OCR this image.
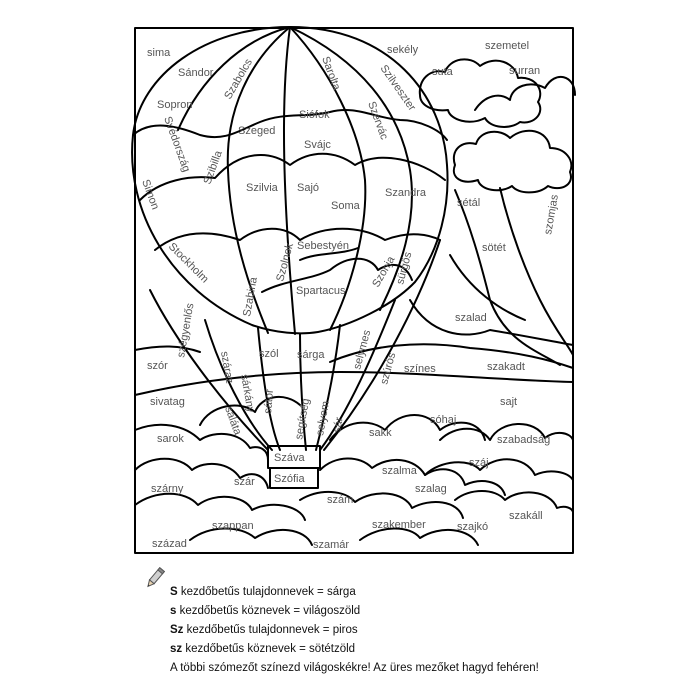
sima
Sándor Szabolcs	Sarolta	Szilveszter
sekély	szemetel
surran
suta
Sopron
Szeged
Siófok	Szervác
Svédország Szibilla
Svájc
Szilvia Sajó
Soma
Szandra
Simon	sétál
sötét
szomjas
Sebestyén
Stockholm
Szabina
Szolnok	Szonja
sürgős
Spartacus
szalad
szégyenlős
száraz szól sárga selymes szúrós színes	szakadt
szór
sivatag	sárkány sátor segítség selyem sár
sajt
saláta	sóhaj
sarok	sakk
szabadság
Száva
Szófia
száj
szalma
szárny
szár
szalag
szám
szakáll
szappan	szakember	szajkó
század	szamár
S kezdőbetűs tulajdonnevek = sárga
s kezdőbetűs köznevek = világoszöld
Sz kezdőbetűs tulajdonnevek = piros
sz kezdőbetűs köznevek = sötétzöld
A többi szómezőt színezd világoskékre! Az üres mezőket hagyd fehéren!
